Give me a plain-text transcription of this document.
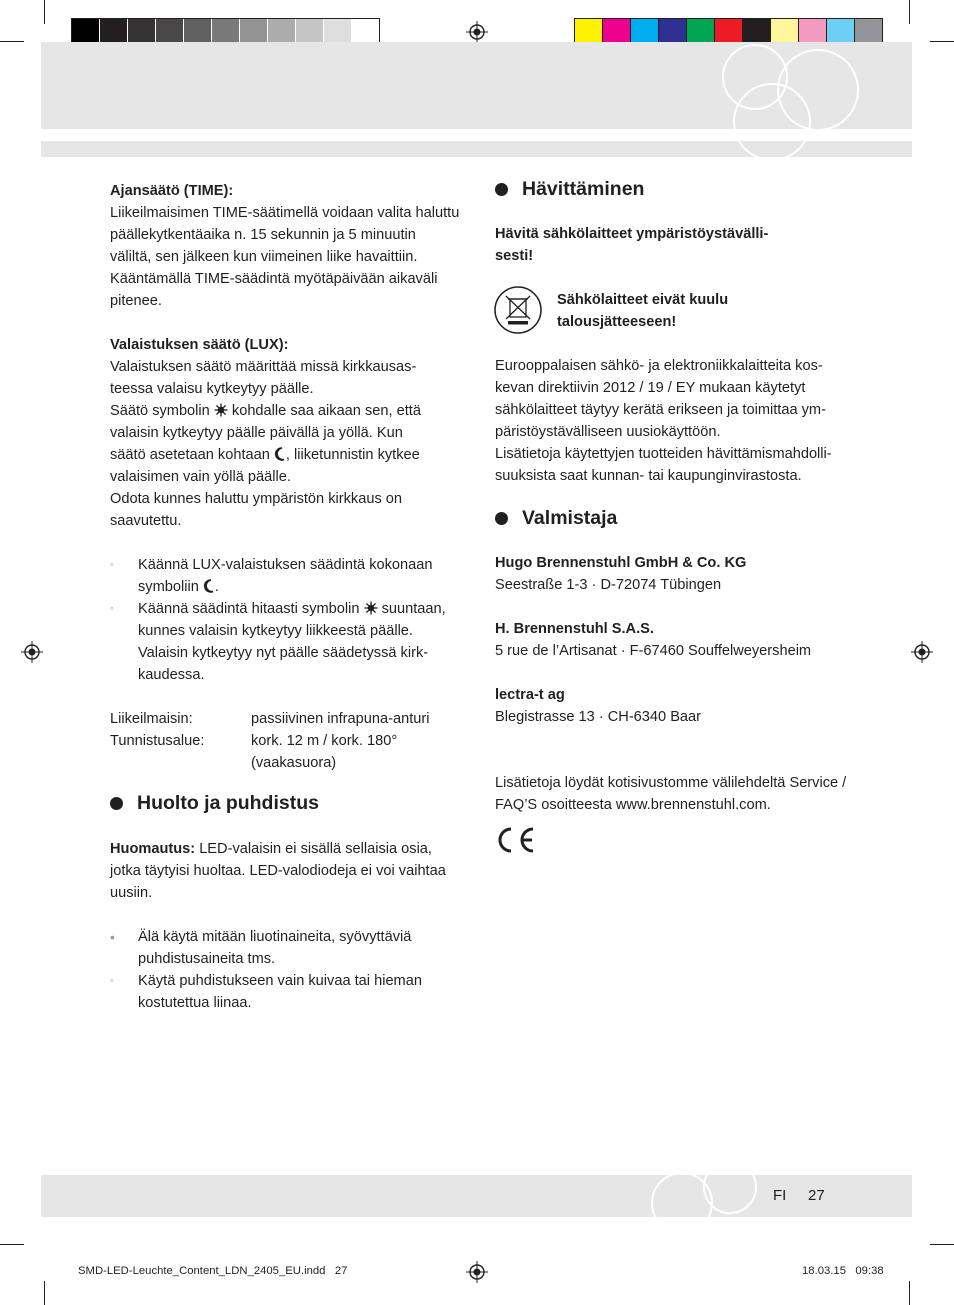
FI 27

Ajansäätö (TIME):

Liikeilmaisimen TIME-säätimellä voidaan valita haluttu

päällekytkentäaika n. 15 sekunnin ja 5 minuutin

väliltä, sen jälkeen kun viimeinen liike havaittiin.

Kääntämällä TIME-säädintä myötäpäivään aikaväli

pitenee.

Valaistuksen säätö (LUX):

Valaistuksen säätö määrittää missä kirkkausas-

teessa valaisu kytkeytyy päälle.

Säätö symbolin kohdalle saa aikaan sen, että

valaisin kytkeytyy päälle päivällä ja yöllä. Kun

säätö asetetaan kohtaan , liiketunnistin kytkee

valaisimen vain yöllä päälle.

Odota kunnes haluttu ympäristön kirkkaus on

saavutettu.

◦ Käännä LUX-valaistuksen säädintä kokonaan

symboliin .

◦ Käännä säädintä hitaasti symbolin suuntaan,

kunnes valaisin kytkeytyy liikkeestä päälle.

Valaisin kytkeytyy nyt päälle säädetyssä kirk-

kaudessa.

Liikeilmaisin:	passiivinen infrapuna-anturi
Tunnistusalue:	kork. 12 m / kork. 180°
(vaakasuora)
Huolto ja puhdistus

Huomautus: LED-valaisin ei sisällä sellaisia osia,

jotka täytyisi huoltaa. LED-valodiodeja ei voi vaihtaa

uusiin.

• Älä käytä mitään liuotinaineita, syövyttäviä

puhdistusaineita tms.

◦ Käytä puhdistukseen vain kuivaa tai hieman

kostutettua liinaa.

Hävittäminen

Hävitä sähkölaitteet ympäristöystävälli-

sesti!

Sähkölaitteet eivät kuulu

talousjätteeseen!

Eurooppalaisen sähkö- ja elektroniikkalaitteita kos-

kevan direktiivin 2012 / 19 / EY mukaan käytetyt

sähkölaitteet täytyy kerätä erikseen ja toimittaa ym-

päristöystävälliseen uusiokäyttöön.

Lisätietoja käytettyjen tuotteiden hävittämismahdolli-

suuksista saat kunnan- tai kaupunginvirastosta.

Valmistaja

Hugo Brennenstuhl GmbH & Co. KG

Seestraße 1-3 · D-72074 Tübingen

H. Brennenstuhl S.A.S.

5 rue de l’Artisanat · F-67460 Souffelweyersheim

lectra-t ag

Blegistrasse 13 · CH-6340 Baar

Lisätietoja löydät kotisivustomme välilehdeltä Service /

FAQ’S osoitteesta www.brennenstuhl.com.

SMD-LED-Leuchte_Content_LDN_2405_EU.indd   27	18.03.15   09:38
